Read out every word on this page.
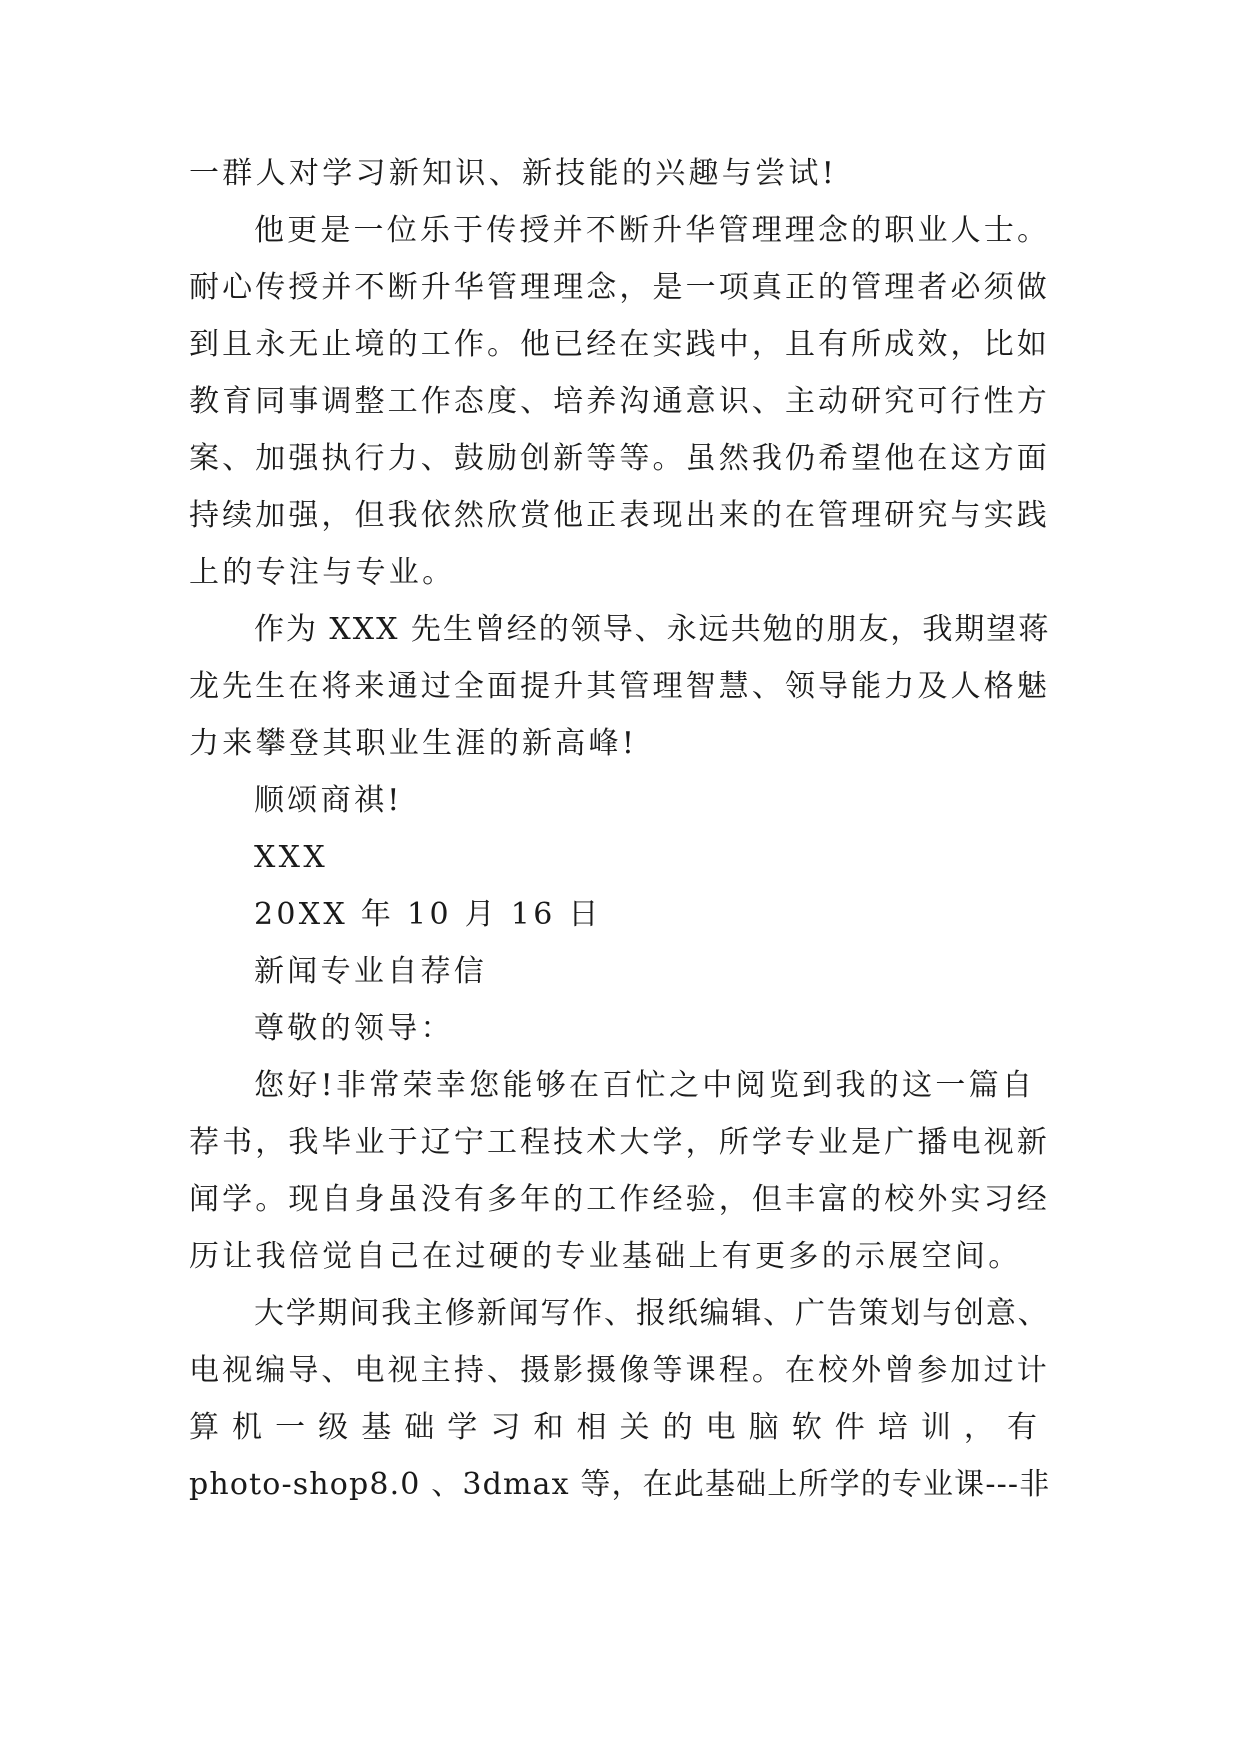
一群人对学习新知识、新技能的兴趣与尝试!
他更是一位乐于传授并不断升华管理理念的职业人士。
耐心传授并不断升华管理理念，是一项真正的管理者必须做
到且永无止境的工作。他已经在实践中，且有所成效，比如
教育同事调整工作态度、培养沟通意识、主动研究可行性方
案、加强执行力、鼓励创新等等。虽然我仍希望他在这方面
持续加强，但我依然欣赏他正表现出来的在管理研究与实践
上的专注与专业。
作为 XXX 先生曾经的领导、永远共勉的朋友，我期望蒋
龙先生在将来通过全面提升其管理智慧、领导能力及人格魅
力来攀登其职业生涯的新高峰!
顺颂商祺!
XXX
20XX 年 10 月 16 日
新闻专业自荐信
尊敬的领导：
您好!非常荣幸您能够在百忙之中阅览到我的这一篇自
荐书，我毕业于辽宁工程技术大学，所学专业是广播电视新
闻学。现自身虽没有多年的工作经验，但丰富的校外实习经
历让我倍觉自己在过硬的专业基础上有更多的示展空间。
大学期间我主修新闻写作、报纸编辑、广告策划与创意、
电视编导、电视主持、摄影摄像等课程。在校外曾参加过计
算机一级基础学习和相关的电脑软件培训，有
photo-shop8.0 、3dmax 等，在此基础上所学的专业课---非
